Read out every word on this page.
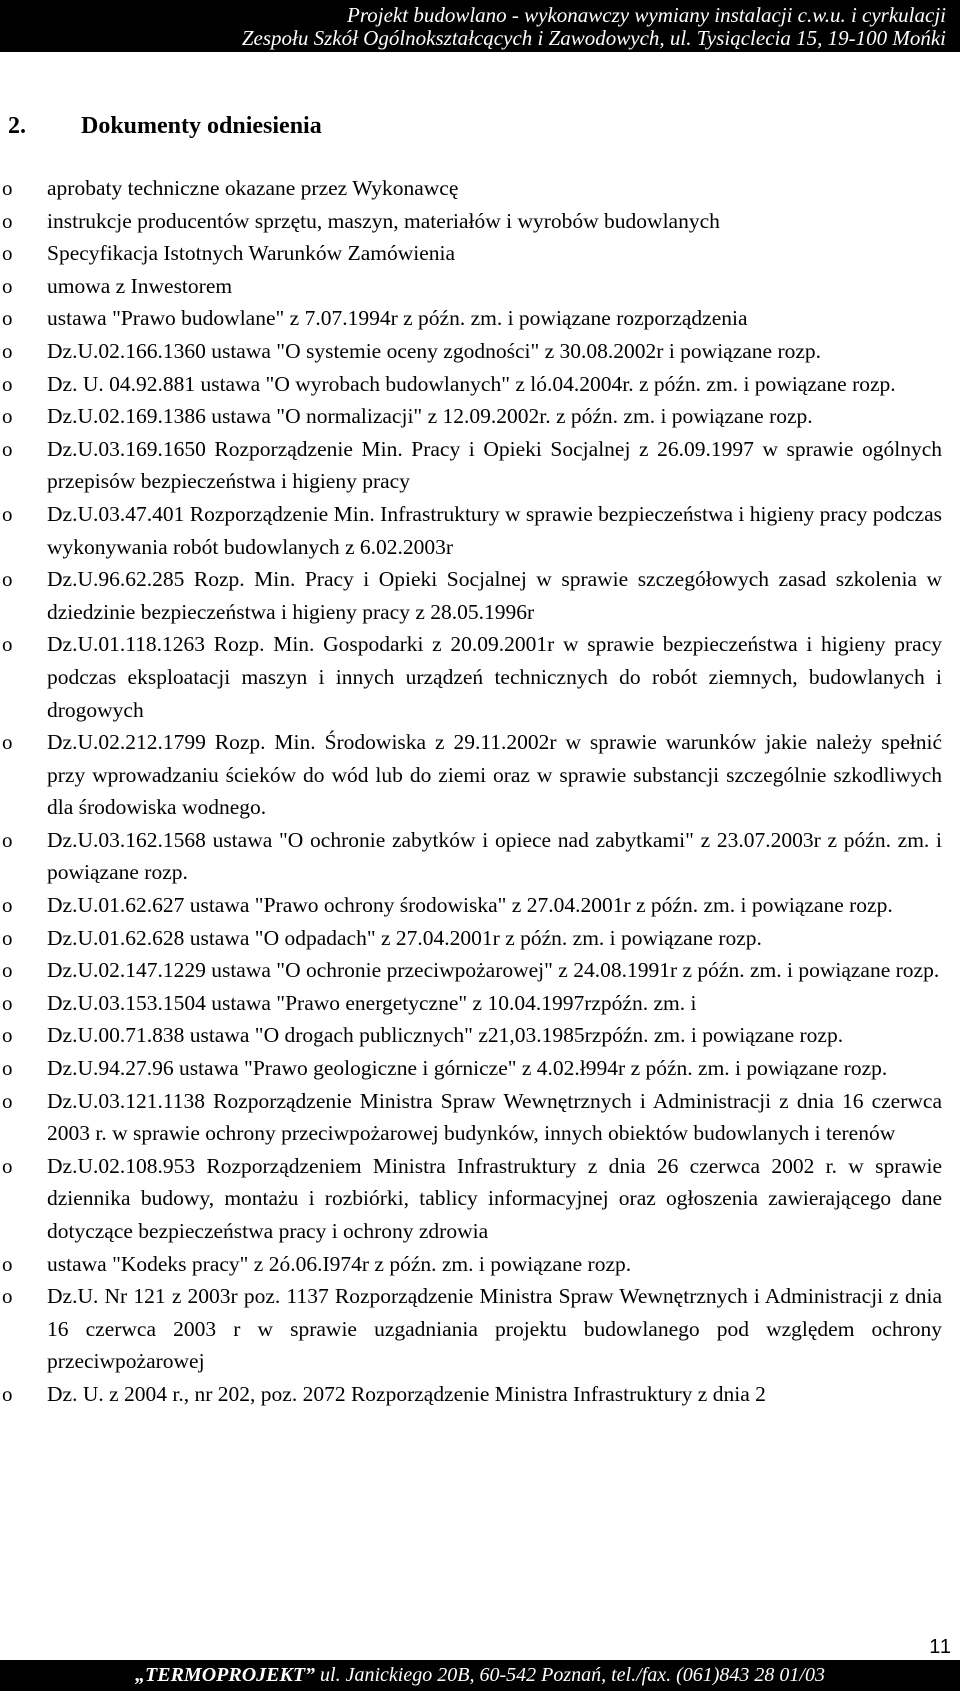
Projekt budowlano - wykonawczy wymiany instalacji c.w.u. i cyrkulacji
Zespołu Szkół Ogólnokształcących i Zawodowych, ul. Tysiąclecia 15, 19-100 Mońki
2. Dokumenty odniesienia
o aprobaty techniczne okazane przez Wykonawcę
o instrukcje producentów sprzętu, maszyn, materiałów i wyrobów budowlanych
o Specyfikacja Istotnych Warunków Zamówienia
o umowa z Inwestorem
o ustawa "Prawo budowlane" z 7.07.1994r z późn. zm. i powiązane rozporządzenia
o Dz.U.02.166.1360 ustawa "O systemie oceny zgodności" z 30.08.2002r i powiązane rozp.
o Dz. U. 04.92.881 ustawa "O wyrobach budowlanych" z ló.04.2004r. z późn. zm. i powiązane rozp.
o Dz.U.02.169.1386 ustawa "O normalizacji" z 12.09.2002r. z późn. zm. i powiązane rozp.
o Dz.U.03.169.1650 Rozporządzenie Min. Pracy i Opieki Socjalnej z 26.09.1997 w sprawie ogólnych przepisów bezpieczeństwa i higieny pracy
o Dz.U.03.47.401 Rozporządzenie Min. Infrastruktury w sprawie bezpieczeństwa i higieny pracy podczas wykonywania robót budowlanych z 6.02.2003r
o Dz.U.96.62.285 Rozp. Min. Pracy i Opieki Socjalnej w sprawie szczegółowych zasad szkolenia w dziedzinie bezpieczeństwa i higieny pracy z 28.05.1996r
o Dz.U.01.118.1263 Rozp. Min. Gospodarki z 20.09.2001r w sprawie bezpieczeństwa i higieny pracy podczas eksploatacji maszyn i innych urządzeń technicznych do robót ziemnych, budowlanych i drogowych
o Dz.U.02.212.1799 Rozp. Min. Środowiska z 29.11.2002r w sprawie warunków jakie należy spełnić przy wprowadzaniu ścieków do wód lub do ziemi oraz w sprawie substancji szczególnie szkodliwych dla środowiska wodnego.
o Dz.U.03.162.1568 ustawa "O ochronie zabytków i opiece nad zabytkami" z 23.07.2003r z późn. zm. i powiązane rozp.
o Dz.U.01.62.627 ustawa "Prawo ochrony środowiska" z 27.04.2001r z późn. zm. i powiązane rozp.
o Dz.U.01.62.628 ustawa "O odpadach" z 27.04.2001r z późn. zm. i powiązane rozp.
o Dz.U.02.147.1229 ustawa "O ochronie przeciwpożarowej" z 24.08.1991r z późn. zm. i powiązane rozp.
o Dz.U.03.153.1504 ustawa "Prawo energetyczne" z 10.04.1997rzpóźn. zm. i
o Dz.U.00.71.838 ustawa "O drogach publicznych" z21,03.1985rzpóźn. zm. i powiązane rozp.
o Dz.U.94.27.96 ustawa "Prawo geologiczne i górnicze" z 4.02.ł994r z późn. zm. i powiązane rozp.
o Dz.U.03.121.1138 Rozporządzenie Ministra Spraw Wewnętrznych i Administracji z dnia 16 czerwca 2003 r. w sprawie ochrony przeciwpożarowej budynków, innych obiektów budowlanych i terenów
o Dz.U.02.108.953 Rozporządzeniem Ministra Infrastruktury z dnia 26 czerwca 2002 r. w sprawie dziennika budowy, montażu i rozbiórki, tablicy informacyjnej oraz ogłoszenia zawierającego dane dotyczące bezpieczeństwa pracy i ochrony zdrowia
o ustawa "Kodeks pracy" z 2ó.06.I974r z późn. zm. i powiązane rozp.
o Dz.U. Nr 121 z 2003r poz. 1137 Rozporządzenie Ministra Spraw Wewnętrznych i Administracji z dnia 16 czerwca 2003 r w sprawie uzgadniania projektu budowlanego pod względem ochrony przeciwpożarowej
o Dz. U. z 2004 r., nr 202, poz. 2072 Rozporządzenie Ministra Infrastruktury z dnia 2
11
„TERMOPROJEKT” ul. Janickiego 20B, 60-542 Poznań, tel./fax. (061)843 28 01/03
